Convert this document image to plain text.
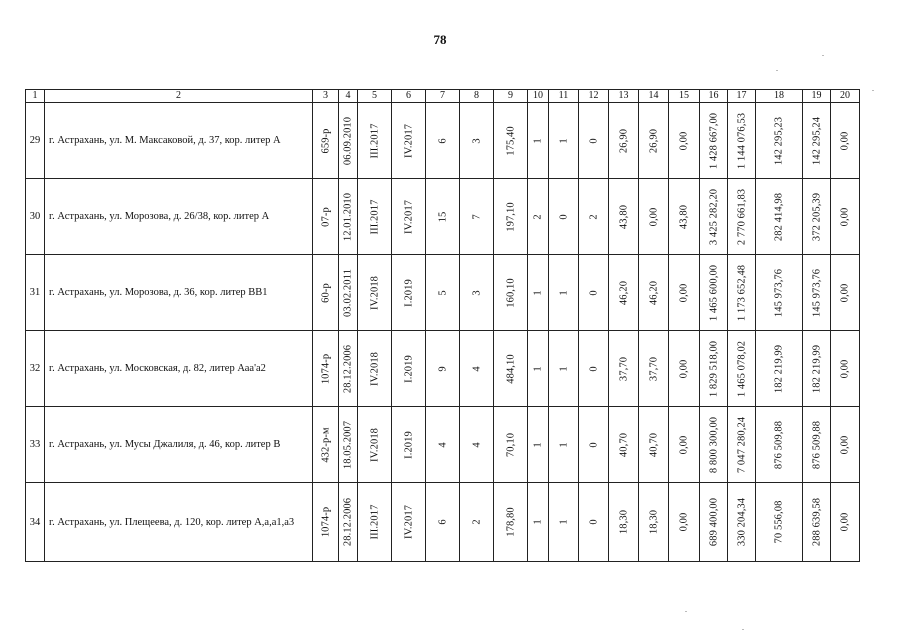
78
1	2	3	4	5	6	7	8	9	10	11	12	13	14	15	16	17	18	19	20
29	г. Астрахань, ул. М. Максаковой, д. 37, кор. литер А	659-р	06.09.2010	III.2017	IV.2017	6	3	175,40	1	1	0	26,90	26,90	0,00	1 428 667,00	1 144 076,53	142 295,23	142 295,24	0,00

30	г. Астрахань, ул. Морозова, д. 26/38, кор. литер А	07-р	12.01.2010	III.2017	IV.2017	15	7	197,10	2	0	2	43,80	0,00	43,80	3 425 282,20	2 770 661,83	282 414,98	372 205,39	0,00

31	г. Астрахань, ул. Морозова, д. 36, кор. литер ВВ1	60-р	03.02.2011	IV.2018	I.2019	5	3	160,10	1	1	0	46,20	46,20	0,00	1 465 600,00	1 173 652,48	145 973,76	145 973,76	0,00

32	г. Астрахань, ул. Московская, д. 82, литер Ааа'а2	1074-р	28.12.2006	IV.2018	I.2019	9	4	484,10	1	1	0	37,70	37,70	0,00	1 829 518,00	1 465 078,02	182 219,99	182 219,99	0,00

33	г. Астрахань, ул. Мусы Джалиля, д. 46, кор. литер В	432-р-м	18.05.2007	IV.2018	I.2019	4	4	70,10	1	1	0	40,70	40,70	0,00	8 800 300,00	7 047 280,24	876 509,88	876 509,88	0,00

34	г. Астрахань, ул. Плещеева, д. 120, кор. литер А,а,а1,а3	1074-р	28.12.2006	III.2017	IV.2017	6	2	178,80	1	1	0	18,30	18,30	0,00	689 400,00	330 204,34	70 556,08	288 639,58	0,00
